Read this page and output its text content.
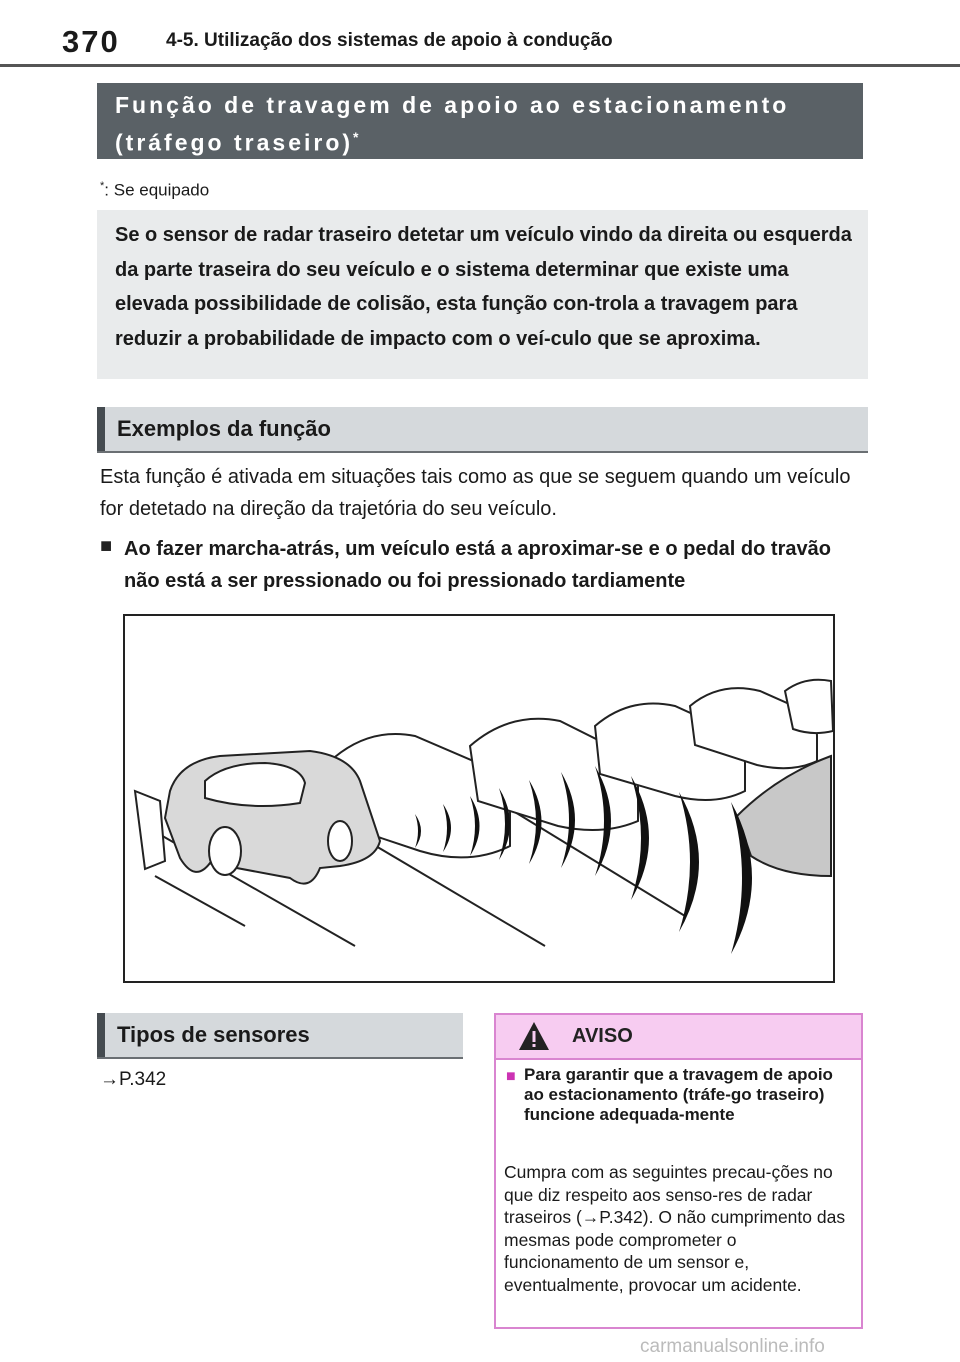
370 4-5. Utilização dos sistemas de apoio à condução
Função de travagem de apoio ao estacionamento
(tráfego traseiro)*
*: Se equipado
Se o sensor de radar traseiro detetar um veículo vindo da direita ou esquerda da parte traseira do seu veículo e o sistema determinar que existe uma elevada possibilidade de colisão, esta função con-trola a travagem para reduzir a probabilidade de impacto com o veí-culo que se aproxima.
Exemplos da função
Esta função é ativada em situações tais como as que se seguem quando um veículo for detetado na direção da trajetória do seu veículo.
■ Ao fazer marcha-atrás, um veículo está a aproximar-se e o pedal do travão não está a ser pressionado ou foi pressionado tardiamente
Tipos de sensores
→P.342
AVISO
■ Para garantir que a travagem de apoio ao estacionamento (tráfe-go traseiro) funcione adequada-mente
Cumpra com as seguintes precau-ções no que diz respeito aos senso-res de radar traseiros (→P.342). O não cumprimento das mesmas pode comprometer o funcionamento de um sensor e, eventualmente, provocar um acidente.
carmanualsonline.info
